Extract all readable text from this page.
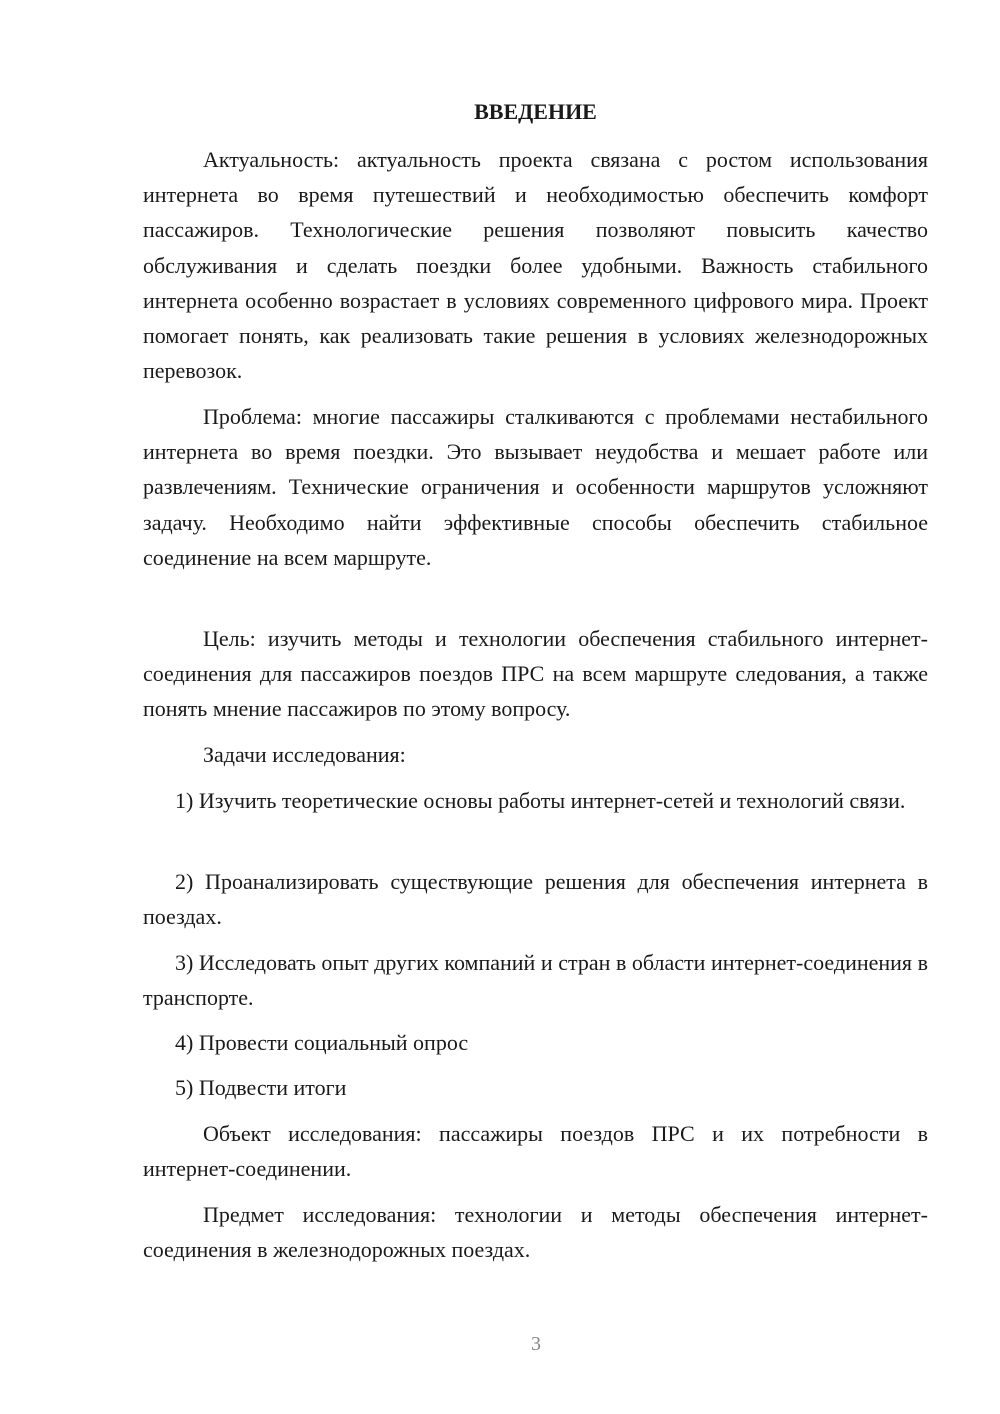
ВВЕДЕНИЕ

Актуальность: актуальность проекта связана с ростом использования интернета во время путешествий и необходимостью обеспечить комфорт пассажиров. Технологические решения позволяют повысить качество обслуживания и сделать поездки более удобными. Важность стабильного интернета особенно возрастает в условиях современного цифрового мира. Проект помогает понять, как реализовать такие решения в условиях железнодорожных перевозок.

Проблема: многие пассажиры сталкиваются с проблемами нестабильного интернета во время поездки. Это вызывает неудобства и мешает работе или развлечениям. Технические ограничения и особенности маршрутов усложняют задачу. Необходимо найти эффективные способы обеспечить стабильное соединение на всем маршруте.

Цель: изучить методы и технологии обеспечения стабильного интернет-соединения для пассажиров поездов ПРС на всем маршруте следования, а также понять мнение пассажиров по этому вопросу.

Задачи исследования:

1) Изучить теоретические основы работы интернет-сетей и технологий связи.

2) Проанализировать существующие решения для обеспечения интернета в поездах.

3) Исследовать опыт других компаний и стран в области интернет-соединения в транспорте.

4) Провести социальный опрос

5) Подвести итоги

Объект исследования: пассажиры поездов ПРС и их потребности в интернет-соединении.

Предмет исследования: технологии и методы обеспечения интернет-соединения в железнодорожных поездах.

3
